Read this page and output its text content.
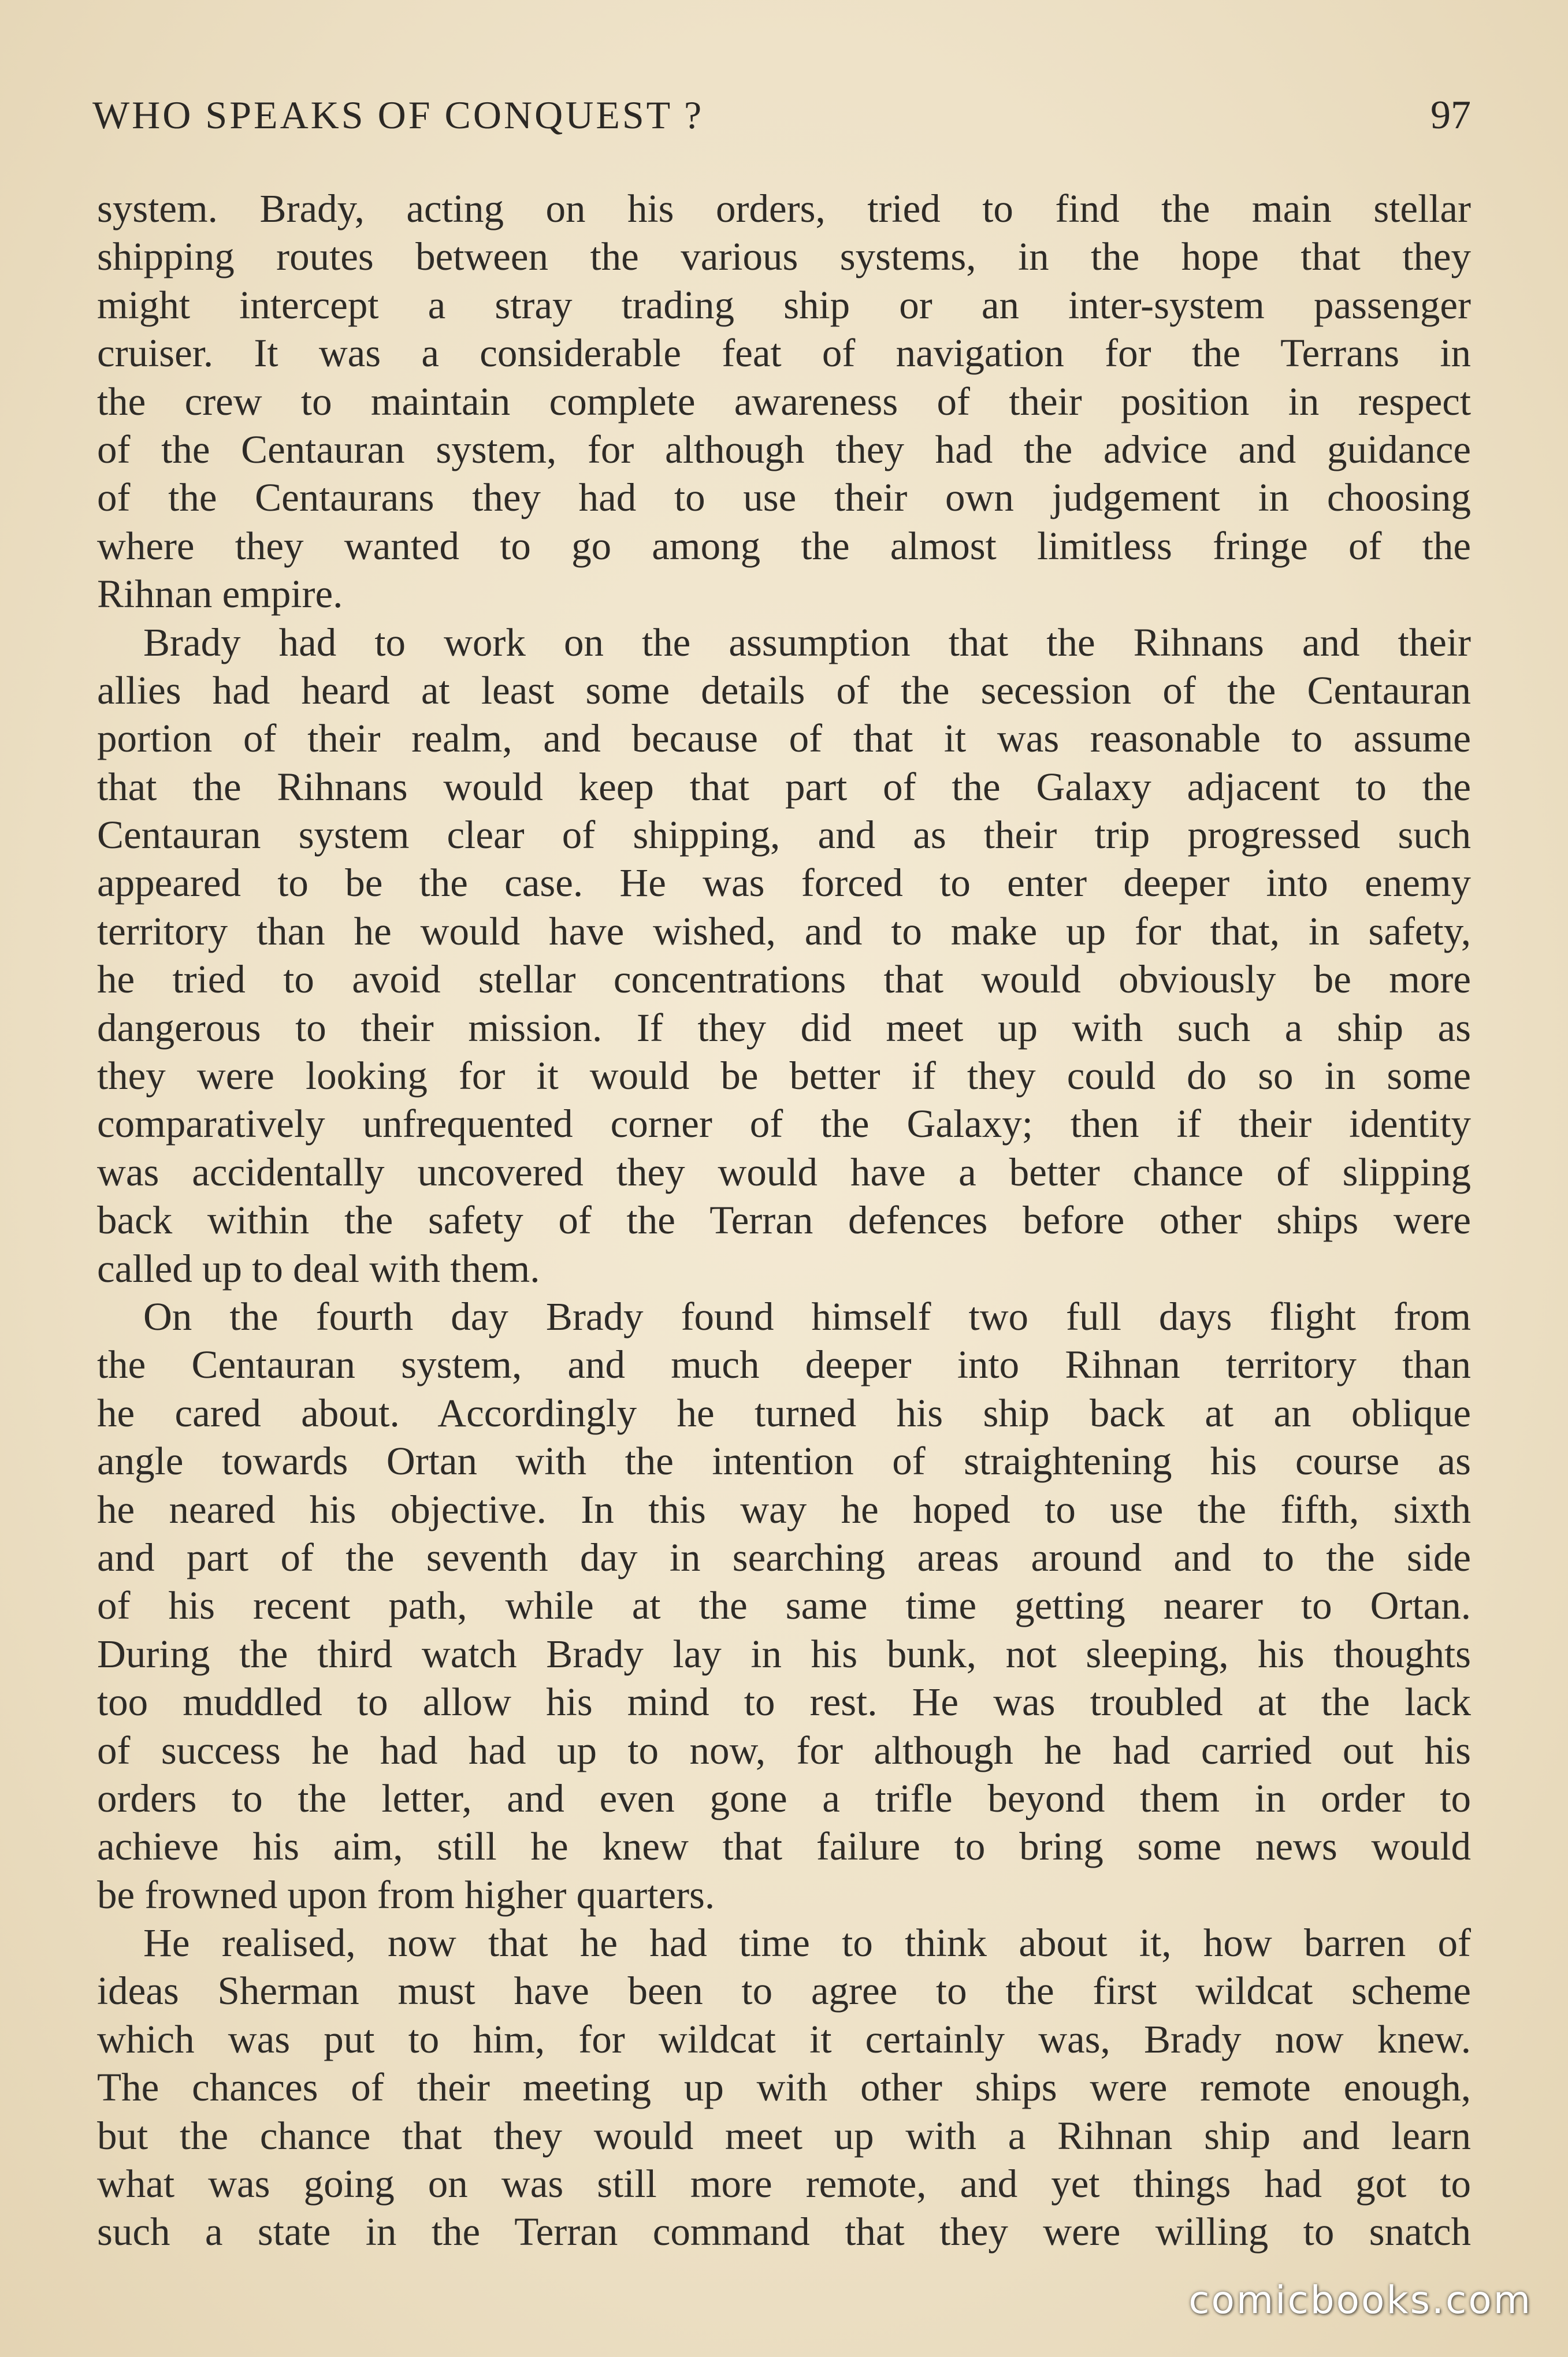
WHO SPEAKS OF CONQUEST ?	97
system. Brady, acting on his orders, tried to find the main stellar
shipping routes between the various systems, in the hope that they
might intercept a stray trading ship or an inter-system passenger
cruiser. It was a considerable feat of navigation for the Terrans in
the crew to maintain complete awareness of their position in respect
of the Centauran system, for although they had the advice and guidance
of the Centaurans they had to use their own judgement in choosing
where they wanted to go among the almost limitless fringe of the
Rihnan empire.
Brady had to work on the assumption that the Rihnans and their
allies had heard at least some details of the secession of the Centauran
portion of their realm, and because of that it was reasonable to assume
that the Rihnans would keep that part of the Galaxy adjacent to the
Centauran system clear of shipping, and as their trip progressed such
appeared to be the case. He was forced to enter deeper into enemy
territory than he would have wished, and to make up for that, in safety,
he tried to avoid stellar concentrations that would obviously be more
dangerous to their mission. If they did meet up with such a ship as
they were looking for it would be better if they could do so in some
comparatively unfrequented corner of the Galaxy; then if their identity
was accidentally uncovered they would have a better chance of slipping
back within the safety of the Terran defences before other ships were
called up to deal with them.
On the fourth day Brady found himself two full days flight from
the Centauran system, and much deeper into Rihnan territory than
he cared about. Accordingly he turned his ship back at an oblique
angle towards Ortan with the intention of straightening his course as
he neared his objective. In this way he hoped to use the fifth, sixth
and part of the seventh day in searching areas around and to the side
of his recent path, while at the same time getting nearer to Ortan.
During the third watch Brady lay in his bunk, not sleeping, his thoughts
too muddled to allow his mind to rest. He was troubled at the lack
of success he had had up to now, for although he had carried out his
orders to the letter, and even gone a trifle beyond them in order to
achieve his aim, still he knew that failure to bring some news would
be frowned upon from higher quarters.
He realised, now that he had time to think about it, how barren of
ideas Sherman must have been to agree to the first wildcat scheme
which was put to him, for wildcat it certainly was, Brady now knew.
The chances of their meeting up with other ships were remote enough,
but the chance that they would meet up with a Rihnan ship and learn
what was going on was still more remote, and yet things had got to
such a state in the Terran command that they were willing to snatch
comicbooks.com
